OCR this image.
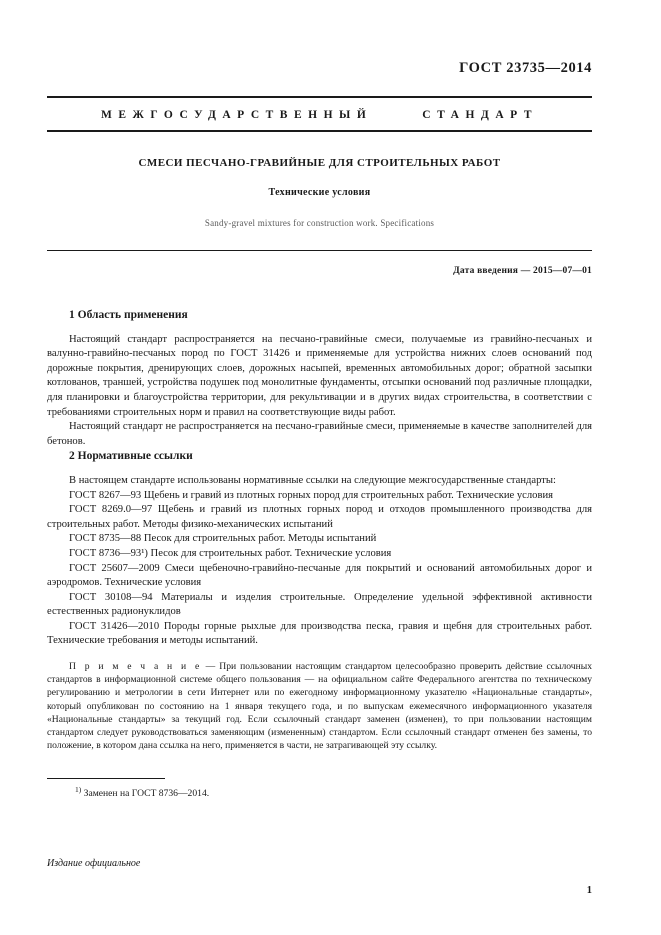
ГОСТ 23735—2014
МЕЖГОСУДАРСТВЕННЫЙ	СТАНДАРТ
СМЕСИ ПЕСЧАНО-ГРАВИЙНЫЕ ДЛЯ СТРОИТЕЛЬНЫХ РАБОТ
Технические условия
Sandy-gravel mixtures for construction work. Specifications
Дата введения — 2015—07—01
1 Область применения

Настоящий стандарт распространяется на песчано-гравийные смеси, получаемые из гравийно-песчаных и валунно-гравийно-песчаных пород по ГОСТ 31426 и применяемые для устройства нижних слоев оснований под дорожные покрытия, дренирующих слоев, дорожных насыпей, временных автомобильных дорог; обратной засыпки котлованов, траншей, устройства подушек под монолитные фундаменты, отсыпки оснований под различные площадки, для планировки и благоустройства территории, для рекультивации и в других видах строительства, в соответствии с требованиями строительных норм и правил на соответствующие виды работ.

Настоящий стандарт не распространяется на песчано-гравийные смеси, применяемые в качестве заполнителей для бетонов.

2 Нормативные ссылки

В настоящем стандарте использованы нормативные ссылки на следующие межгосударственные стандарты:

ГОСТ 8267—93 Щебень и гравий из плотных горных пород для строительных работ. Технические условия

ГОСТ 8269.0—97 Щебень и гравий из плотных горных пород и отходов промышленного производства для строительных работ. Методы физико-механических испытаний

ГОСТ 8735—88 Песок для строительных работ. Методы испытаний

ГОСТ 8736—93¹) Песок для строительных работ. Технические условия

ГОСТ 25607—2009 Смеси щебеночно-гравийно-песчаные для покрытий и оснований автомобильных дорог и аэродромов. Технические условия

ГОСТ 30108—94 Материалы и изделия строительные. Определение удельной эффективной активности естественных радионуклидов

ГОСТ 31426—2010 Породы горные рыхлые для производства песка, гравия и щебня для строительных работ. Технические требования и методы испытаний.

П р и м е ч а н и е — При пользовании настоящим стандартом целесообразно проверить действие ссылочных стандартов в информационной системе общего пользования — на официальном сайте Федерального агентства по техническому регулированию и метрологии в сети Интернет или по ежегодному информационному указателю «Национальные стандарты», который опубликован по состоянию на 1 января текущего года, и по выпускам ежемесячного информационного указателя «Национальные стандарты» за текущий год. Если ссылочный стандарт заменен (изменен), то при пользовании настоящим стандартом следует руководствоваться заменяющим (измененным) стандартом. Если ссылочный стандарт отменен без замены, то положение, в котором дана ссылка на него, применяется в части, не затрагивающей эту ссылку.
$^{1)}$ Заменен на ГОСТ 8736—2014.
Издание официальное
1
